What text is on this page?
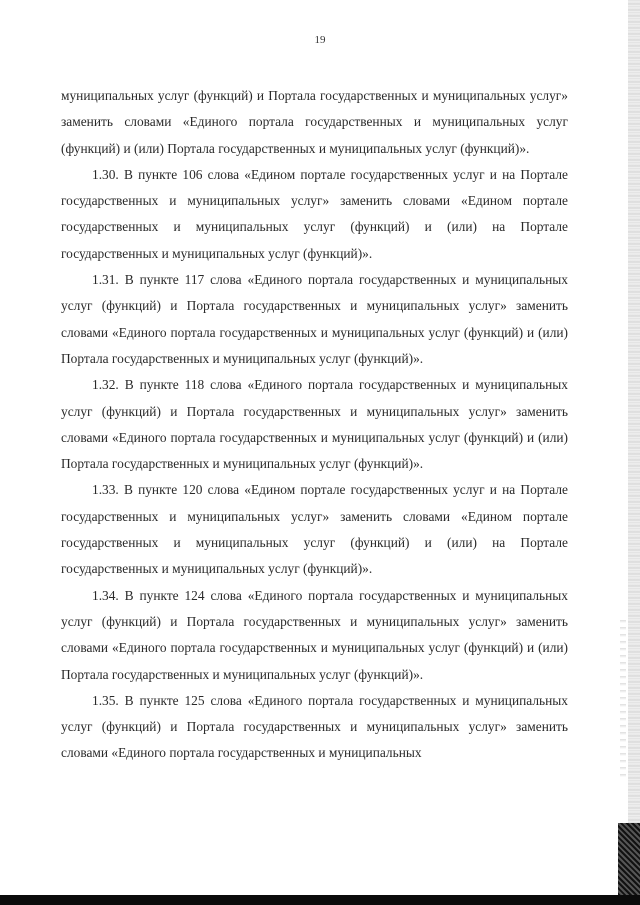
19

муниципальных услуг (функций) и Портала государственных и муниципальных услуг» заменить словами «Единого портала государственных и муниципальных услуг (функций) и (или) Портала государственных и муниципальных услуг (функций)».

1.30. В пункте 106 слова «Едином портале государственных услуг и на Портале государственных и муниципальных услуг» заменить словами «Едином портале государственных и муниципальных услуг (функций) и (или) на Портале государственных и муниципальных услуг (функций)».

1.31. В пункте 117 слова «Единого портала государственных и муниципальных услуг (функций) и Портала государственных и муниципальных услуг» заменить словами «Единого портала государственных и муниципальных услуг (функций) и (или) Портала государственных и муниципальных услуг (функций)».

1.32. В пункте 118 слова «Единого портала государственных и муниципальных услуг (функций) и Портала государственных и муниципальных услуг» заменить словами «Единого портала государственных и муниципальных услуг (функций) и (или) Портала государственных и муниципальных услуг (функций)».

1.33. В пункте 120 слова «Едином портале государственных услуг и на Портале государственных и муниципальных услуг» заменить словами «Едином портале государственных и муниципальных услуг (функций) и (или) на Портале государственных и муниципальных услуг (функций)».

1.34. В пункте 124 слова «Единого портала государственных и муниципальных услуг (функций) и Портала государственных и муниципальных услуг» заменить словами «Единого портала государственных и муниципальных услуг (функций) и (или) Портала государственных и муниципальных услуг (функций)».

1.35. В пункте 125 слова «Единого портала государственных и муниципальных услуг (функций) и Портала государственных и муниципальных услуг» заменить словами «Единого портала государственных и муниципальных
